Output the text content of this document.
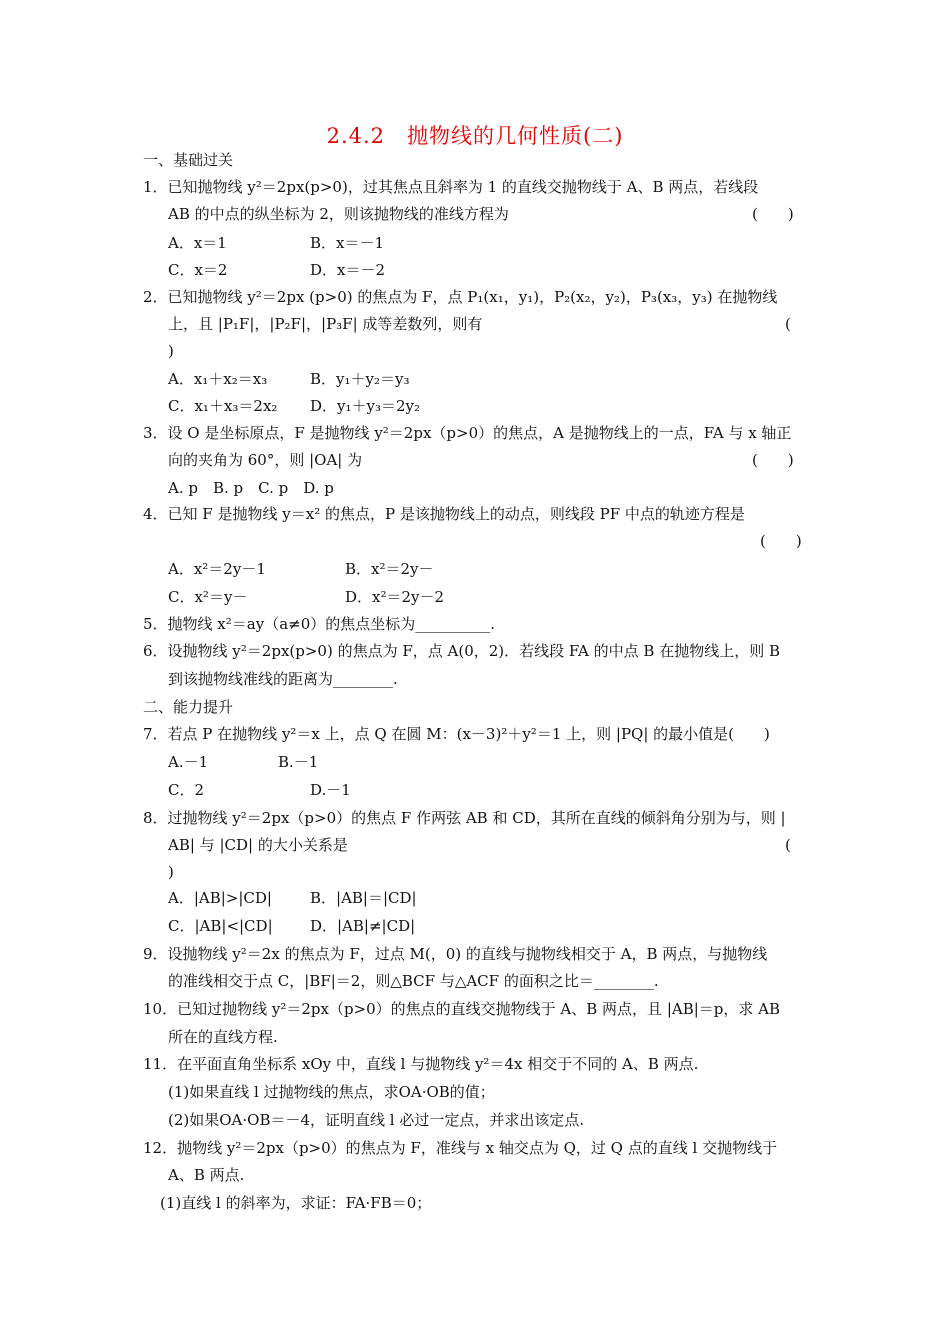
2.4.2　抛物线的几何性质(二)
一、基础过关
1．已知抛物线 y²＝2px(p>0)，过其焦点且斜率为 1 的直线交抛物线于 A、B 两点，若线段
AB 的中点的纵坐标为 2，则该抛物线的准线方程为	(　　)
A．x＝1	B．x＝－1
C．x＝2	D．x＝－2
2．已知抛物线 y²＝2px (p>0) 的焦点为 F，点 P₁(x₁，y₁)，P₂(x₂，y₂)，P₃(x₃，y₃) 在抛物线
上，且 |P₁F|，|P₂F|，|P₃F| 成等差数列，则有	(
)
A．x₁＋x₂＝x₃	B．y₁＋y₂＝y₃
C．x₁＋x₃＝2x₂ D．y₁＋y₃＝2y₂
3．设 O 是坐标原点，F 是抛物线 y²＝2px（p>0）的焦点，A 是抛物线上的一点，FA 与 x 轴正
向的夹角为 60°，则 |OA| 为	(　　)
A. p　B. p　C. p　D. p
4．已知 F 是抛物线 y＝x² 的焦点，P 是该抛物线上的动点，则线段 PF 中点的轨迹方程是
(　　)
A．x²＝2y－1	B．x²＝2y－
C．x²＝y－	D．x²＝2y－2
5．抛物线 x²＝ay（a≠0）的焦点坐标为__________.
6．设抛物线 y²＝2px(p>0) 的焦点为 F，点 A(0，2)．若线段 FA 的中点 B 在抛物线上，则 B
到该抛物线准线的距离为________.
二、能力提升
7．若点 P 在抛物线 y²＝x 上，点 Q 在圆 M：(x－3)²＋y²＝1 上，则 |PQ| 的最小值是(　　)
A.－1	B.－1
C．2	D.－1
8．过抛物线 y²＝2px（p>0）的焦点 F 作两弦 AB 和 CD，其所在直线的倾斜角分别为与，则 |
AB| 与 |CD| 的大小关系是	(
)
A．|AB|>|CD|	B．|AB|＝|CD|
C．|AB|<|CD| D．|AB|≠|CD|
9．设抛物线 y²＝2x 的焦点为 F，过点 M(，0) 的直线与抛物线相交于 A，B 两点，与抛物线
的准线相交于点 C，|BF|＝2，则△BCF 与△ACF 的面积之比＝________.
10．已知过抛物线 y²＝2px（p>0）的焦点的直线交抛物线于 A、B 两点，且 |AB|＝p，求 AB
所在的直线方程.
11．在平面直角坐标系 xOy 中，直线 l 与抛物线 y²＝4x 相交于不同的 A、B 两点.
(1)如果直线 l 过抛物线的焦点，求OA·OB的值；
(2)如果OA·OB＝－4，证明直线 l 必过一定点，并求出该定点.
12．抛物线 y²＝2px（p>0）的焦点为 F，准线与 x 轴交点为 Q，过 Q 点的直线 l 交抛物线于
A、B 两点.
(1)直线 l 的斜率为，求证：FA·FB＝0；
